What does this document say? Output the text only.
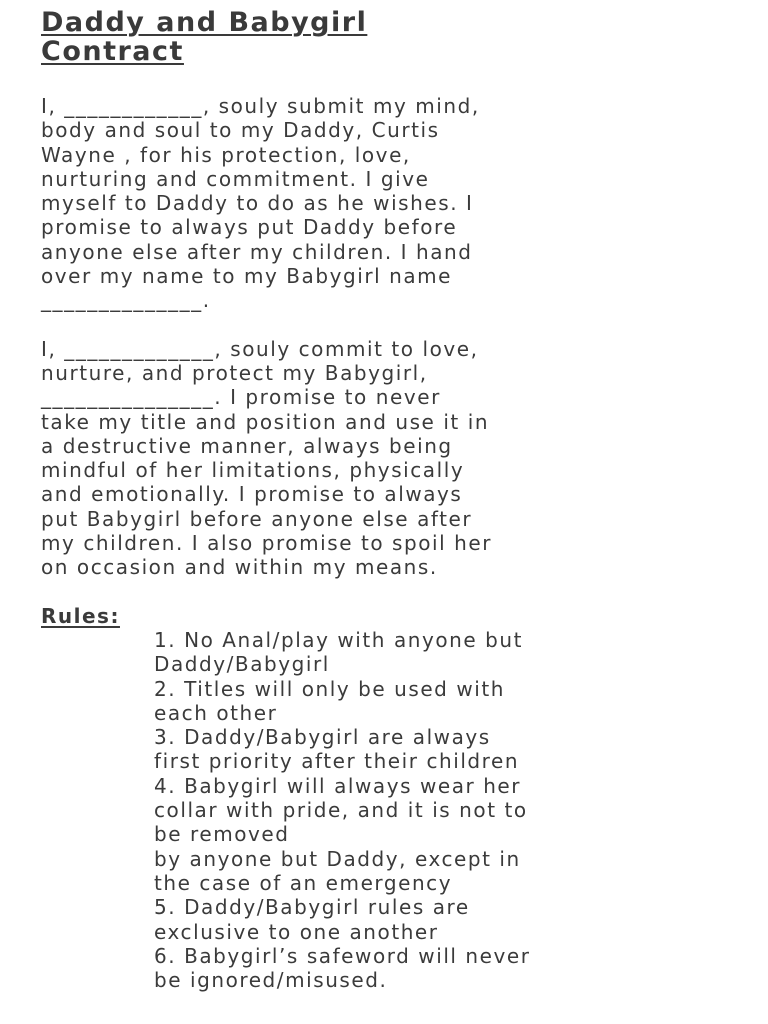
Daddy and Babygirl
Contract

I, ____________, souly submit my mind,
body and soul to my Daddy, Curtis
Wayne , for his protection, love,
nurturing and commitment. I give
myself to Daddy to do as he wishes. I
promise to always put Daddy before
anyone else after my children. I hand
over my name to my Babygirl name
______________.

I, _____________, souly commit to love,
nurture, and protect my Babygirl,
_______________. I promise to never
take my title and position and use it in
a destructive manner, always being
mindful of her limitations, physically
and emotionally. I promise to always
put Babygirl before anyone else after
my children. I also promise to spoil her
on occasion and within my means.

Rules:
1. No Anal/play with anyone but
Daddy/Babygirl
2. Titles will only be used with
each other
3. Daddy/Babygirl are always
first priority after their children
4. Babygirl will always wear her
collar with pride, and it is not to
be removed
by anyone but Daddy, except in
the case of an emergency
5. Daddy/Babygirl rules are
exclusive to one another
6. Babygirl’s safeword will never
be ignored/misused.
